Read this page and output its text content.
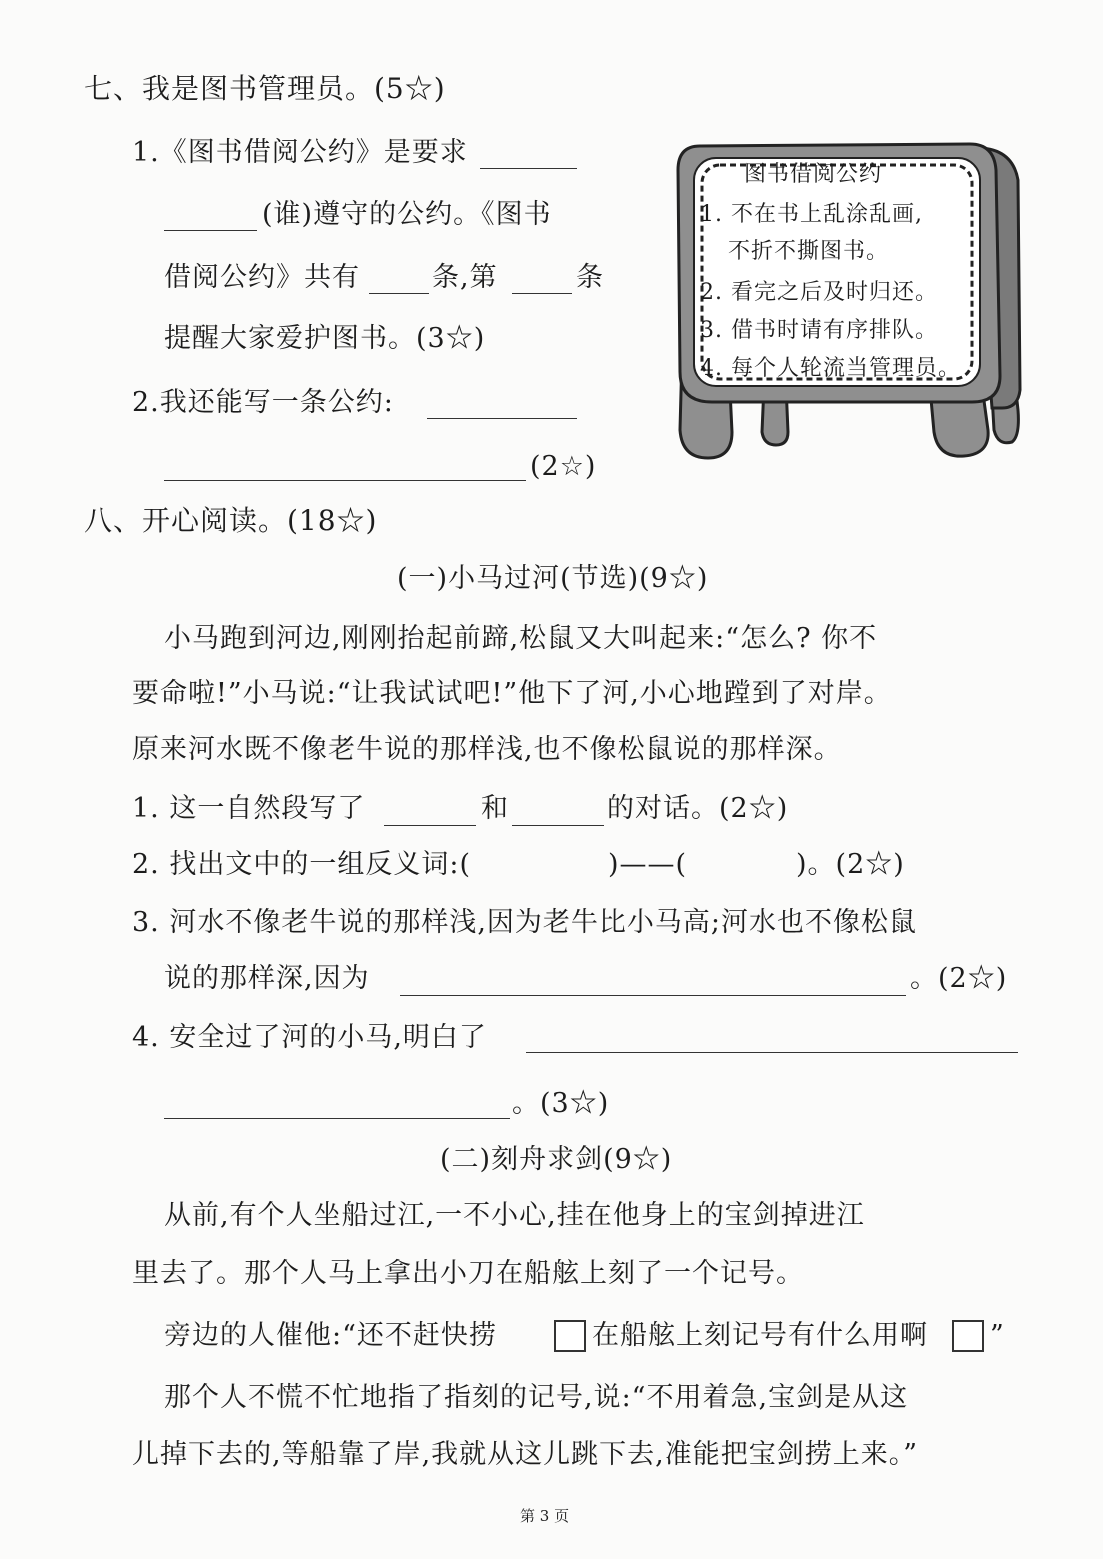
七、我是图书管理员。(5☆)
1.《图书借阅公约》是要求
(谁)遵守的公约。《图书
借阅公约》共有	条,第	条
提醒大家爱护图书。(3☆)
2.我还能写一条公约:
(2☆)
图书借阅公约
1. 不在书上乱涂乱画,
不折不撕图书。
2. 看完之后及时归还。
3. 借书时请有序排队。
4. 每个人轮流当管理员。
八、开心阅读。(18☆)
(一)小马过河(节选)(9☆)
小马跑到河边,刚刚抬起前蹄,松鼠又大叫起来:“怎么? 你不
要命啦!”小马说:“让我试试吧!”他下了河,小心地蹚到了对岸。
原来河水既不像老牛说的那样浅,也不像松鼠说的那样深。
1. 这一自然段写了	和	的对话。(2☆)
2. 找出文中的一组反义词:(	)——(	)。(2☆)
3. 河水不像老牛说的那样浅,因为老牛比小马高;河水也不像松鼠
说的那样深,因为	。(2☆)
4. 安全过了河的小马,明白了
。(3☆)
(二)刻舟求剑(9☆)
从前,有个人坐船过江,一不小心,挂在他身上的宝剑掉进江
里去了。那个人马上拿出小刀在船舷上刻了一个记号。
旁边的人催他:“还不赶快捞	在船舷上刻记号有什么用啊 ”
那个人不慌不忙地指了指刻的记号,说:“不用着急,宝剑是从这
儿掉下去的,等船靠了岸,我就从这儿跳下去,准能把宝剑捞上来。”
第 3 页
